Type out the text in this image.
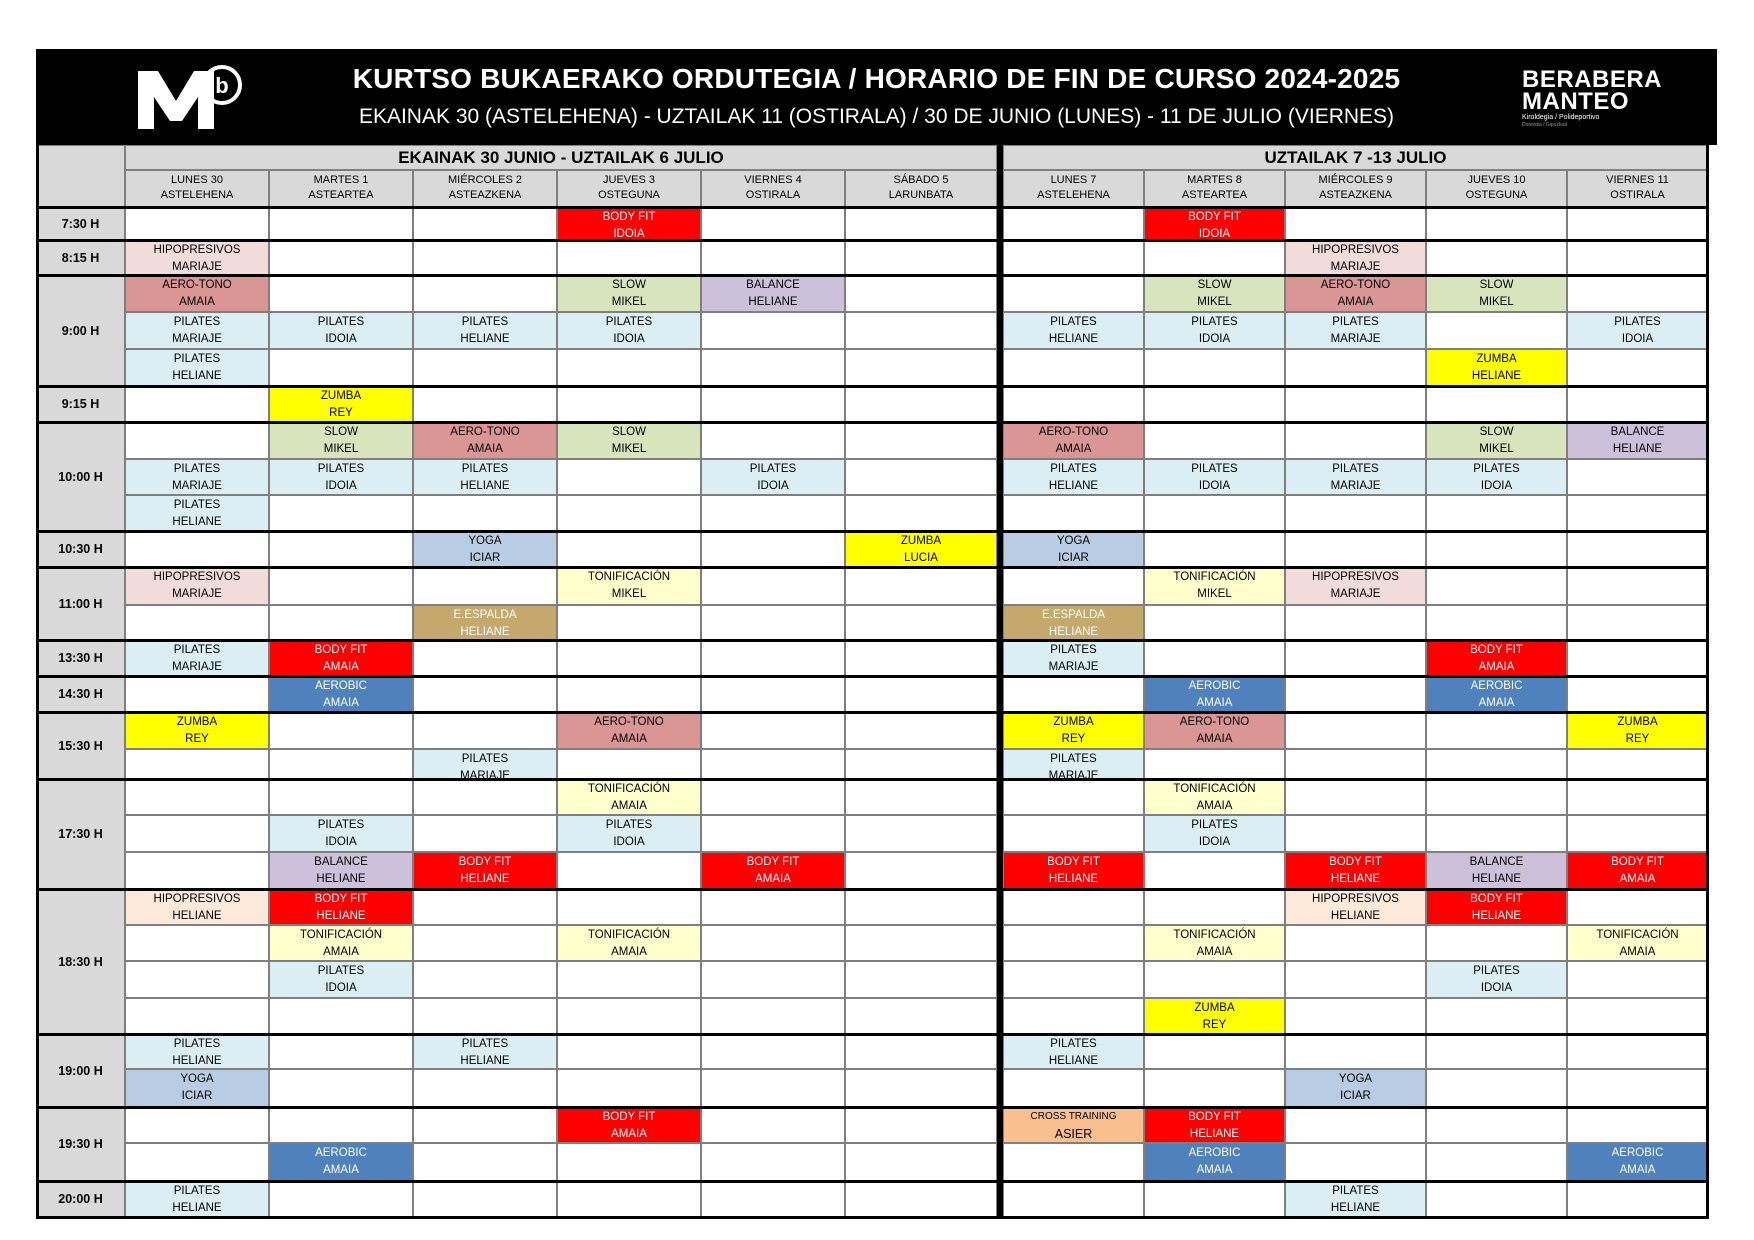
b	KURTSO BUKAERAKO ORDUTEGIA / HORARIO DE FIN DE CURSO 2024-2025
EKAINAK 30 (ASTELEHENA) - UZTAILAK 11 (OSTIRALA) / 30 DE JUNIO (LUNES) - 11 DE JULIO (VIERNES)
BERABERA
MANTEO
Kiroldegia / Polideportivo
Donostia / Gipuzkoa
EKAINAK 30 JUNIO - UZTAILAK 6 JULIO	UZTAILAK 7 -13 JULIO
LUNES 30
ASTELEHENA
MARTES 1
ASTEARTEA
MIÉRCOLES 2
ASTEAZKENA
JUEVES 3
OSTEGUNA
VIERNES 4
OSTIRALA
SÁBADO 5
LARUNBATA
LUNES 7
ASTELEHENA
MARTES 8
ASTEARTEA
MIÉRCOLES 9
ASTEAZKENA
JUEVES 10
OSTEGUNA
VIERNES 11
OSTIRALA
7:30 H
8:15 H
9:00 H
9:15 H
10:00 H
10:30 H
11:00 H
13:30 H
14:30 H
15:30 H
17:30 H
18:30 H
19:00 H
19:30 H
20:00 H
BODY FIT
IDOIA
BODY FIT
IDOIA
HIPOPRESIVOS
MARIAJE
HIPOPRESIVOS
MARIAJE
AERO-TONO
AMAIA
SLOW
MIKEL
BALANCE
HELIANE
SLOW
MIKEL
AERO-TONO
AMAIA
SLOW
MIKEL
PILATES
MARIAJE
PILATES
IDOIA
PILATES
HELIANE
PILATES
IDOIA
PILATES
HELIANE
PILATES
IDOIA
PILATES
MARIAJE
PILATES
IDOIA
PILATES
HELIANE
ZUMBA
HELIANE
ZUMBA
REY
SLOW
MIKEL
AERO-TONO
AMAIA
SLOW
MIKEL
AERO-TONO
AMAIA
SLOW
MIKEL
BALANCE
HELIANE
PILATES
MARIAJE
PILATES
IDOIA
PILATES
HELIANE
PILATES
IDOIA
PILATES
HELIANE
PILATES
IDOIA
PILATES
MARIAJE
PILATES
IDOIA
PILATES
HELIANE
YOGA
ICIAR
ZUMBA
LUCIA
YOGA
ICIAR
HIPOPRESIVOS
MARIAJE
TONIFICACIÓN
MIKEL
TONIFICACIÓN
MIKEL
HIPOPRESIVOS
MARIAJE
E.ESPALDA
HELIANE
E.ESPALDA
HELIANE
PILATES
MARIAJE
BODY FIT
AMAIA
PILATES
MARIAJE
BODY FIT
AMAIA
AEROBIC
AMAIA
AEROBIC
AMAIA
AEROBIC
AMAIA
ZUMBA
REY
AERO-TONO
AMAIA
ZUMBA
REY
AERO-TONO
AMAIA
ZUMBA
REY
PILATES
MARIAJE
PILATES
MARIAJE
TONIFICACIÓN
AMAIA
TONIFICACIÓN
AMAIA
PILATES
IDOIA
PILATES
IDOIA
PILATES
IDOIA
BALANCE
HELIANE
BODY FIT
HELIANE
BODY FIT
AMAIA
BODY FIT
HELIANE
BODY FIT
HELIANE
BALANCE
HELIANE
BODY FIT
AMAIA
HIPOPRESIVOS
HELIANE
BODY FIT
HELIANE
HIPOPRESIVOS
HELIANE
BODY FIT
HELIANE
TONIFICACIÓN
AMAIA
TONIFICACIÓN
AMAIA
TONIFICACIÓN
AMAIA
TONIFICACIÓN
AMAIA
PILATES
IDOIA
PILATES
IDOIA
ZUMBA
REY
PILATES
HELIANE
PILATES
HELIANE
PILATES
HELIANE
YOGA
ICIAR
YOGA
ICIAR
BODY FIT
AMAIA
CROSS TRAINING
ASIER
BODY FIT
HELIANE
AEROBIC
AMAIA
AEROBIC
AMAIA
AEROBIC
AMAIA
PILATES
HELIANE
PILATES
HELIANE
